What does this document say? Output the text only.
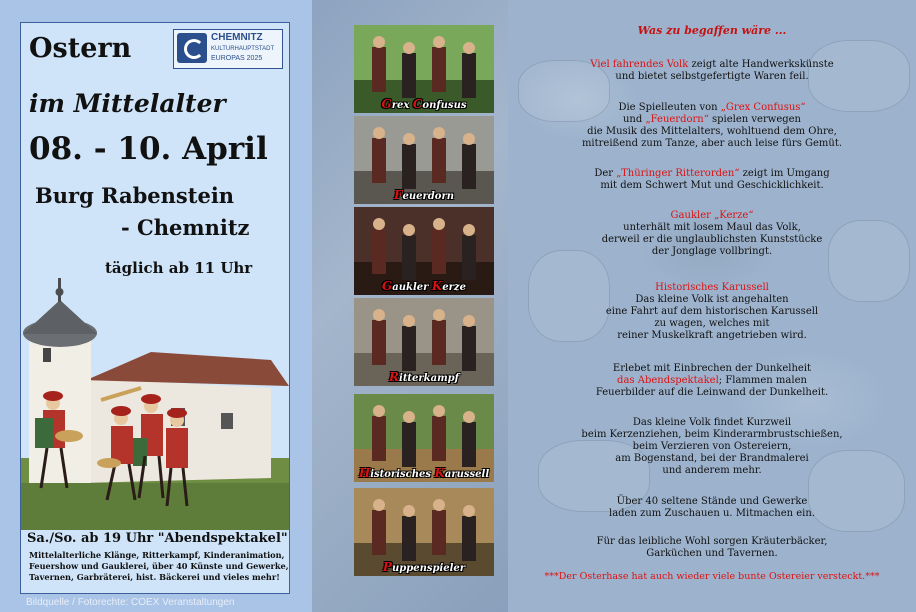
Ostern	CHEMNITZ
KULTURHAUPTSTADT
EUROPAS 2025
im Mittelalter
08. - 10. April
Burg Rabenstein
- Chemnitz
täglich ab 11 Uhr
Sa./So. ab 19 Uhr "Abendspektakel"
Mittelalterliche Klänge, Ritterkampf, Kinderanimation,
Feuershow und Gauklerei, über 40 Künste und Gewerke,
Tavernen, Garbräterei, hist. Bäckerei und vieles mehr!
Bildquelle / Fotorechte: COEX Veranstaltungen
Grex Confusus
Feuerdorn
Gaukler Kerze
Ritterkampf
Historisches Karussell
Puppenspieler
Was zu begaffen wäre ...
***Der Osterhase hat auch wieder viele bunte Ostereier versteckt.***
Viel fahrendes Volk zeigt alte Handwerkskünste
und bietet selbstgefertigte Waren feil.
Die Spielleuten von „Grex Confusus“
und „Feuerdorn“ spielen verwegen
die Musik des Mittelalters, wohltuend dem Ohre,
mitreißend zum Tanze, aber auch leise fürs Gemüt.
Der „Thüringer Ritterorden“ zeigt im Umgang
mit dem Schwert Mut und Geschicklichkeit.
Gaukler „Kerze“
unterhält mit losem Maul das Volk,
derweil er die unglaublichsten Kunststücke
der Jonglage vollbringt.
Historisches Karussell
Das kleine Volk ist angehalten
eine Fahrt auf dem historischen Karussell
zu wagen, welches mit
reiner Muskelkraft angetrieben wird.
Erlebet mit Einbrechen der Dunkelheit
das Abendspektakel; Flammen malen
Feuerbilder auf die Leinwand der Dunkelheit.
Das kleine Volk findet Kurzweil
beim Kerzenziehen, beim Kinderarmbrustschießen,
beim Verzieren von Ostereiern,
am Bogenstand, bei der Brandmalerei
und anderem mehr.
Über 40 seltene Stände und Gewerke
laden zum Zuschauen u. Mitmachen ein.
Für das leibliche Wohl sorgen Kräuterbäcker,
Garküchen und Tavernen.
